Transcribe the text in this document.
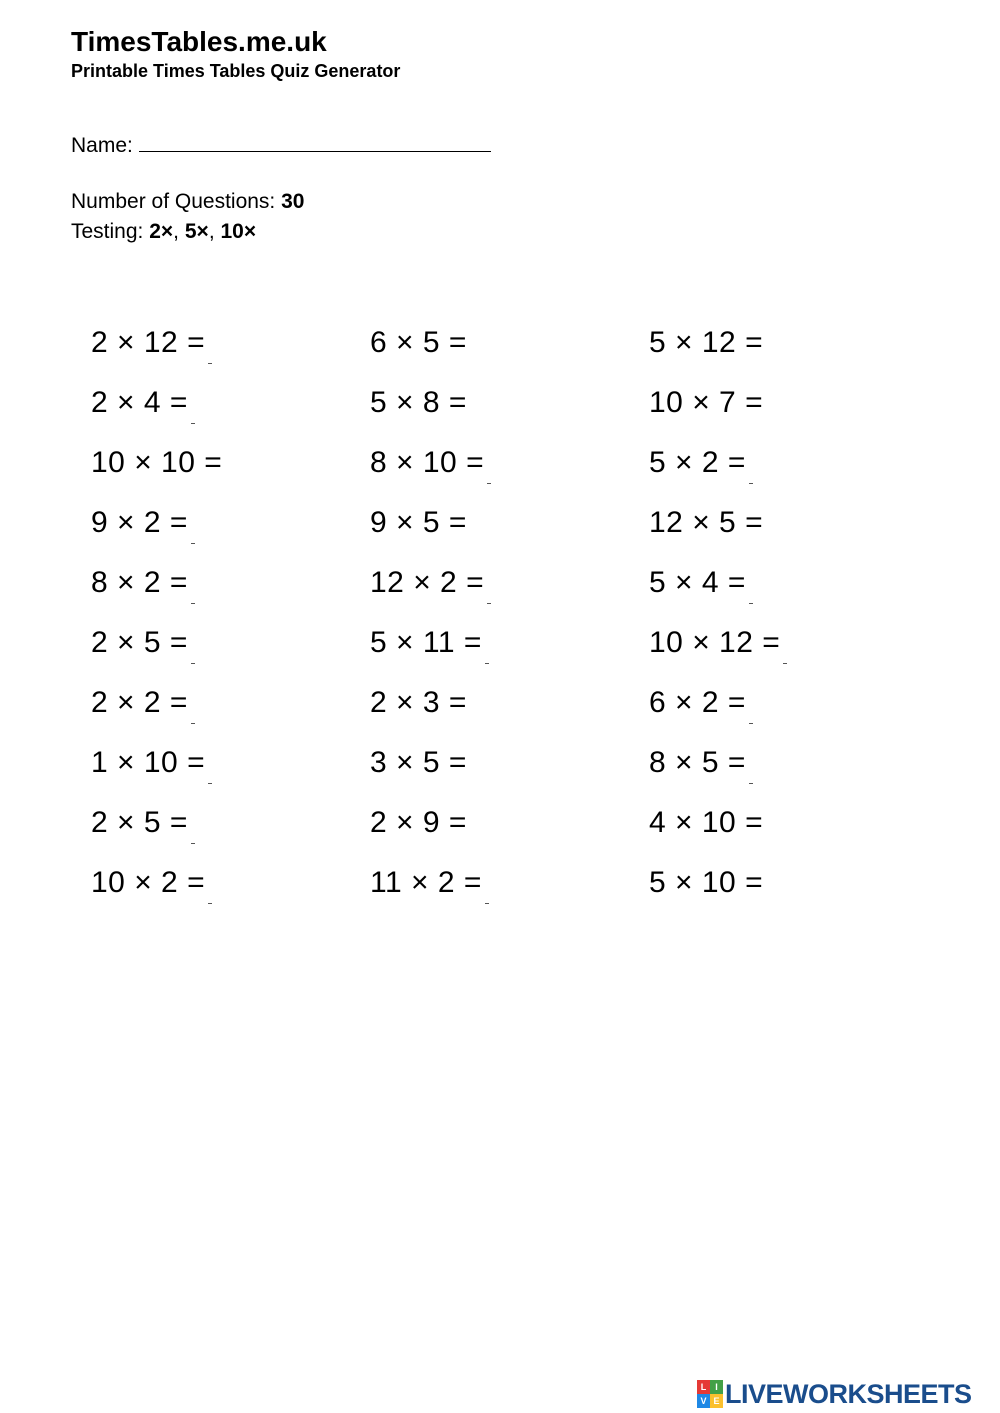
TimesTables.me.uk
Printable Times Tables Quiz Generator
Name:
Number of Questions: 30
Testing: 2×, 5×, 10×
2 × 12 =	6 × 5 =	5 × 12 =
2 × 4 =	5 × 8 =	10 × 7 =
10 × 10 =	8 × 10 =	5 × 2 =
9 × 2 =	9 × 5 =	12 × 5 =
8 × 2 =	12 × 2 =	5 × 4 =
2 × 5 =	5 × 11 =	10 × 12 =
2 × 2 =	2 × 3 =	6 × 2 =
1 × 10 =	3 × 5 =	8 × 5 =
2 × 5 =	2 × 9 =	4 × 10 =
10 × 2 =	11 × 2 =	5 × 10 =
L I
V E LIVEWORKSHEETS
